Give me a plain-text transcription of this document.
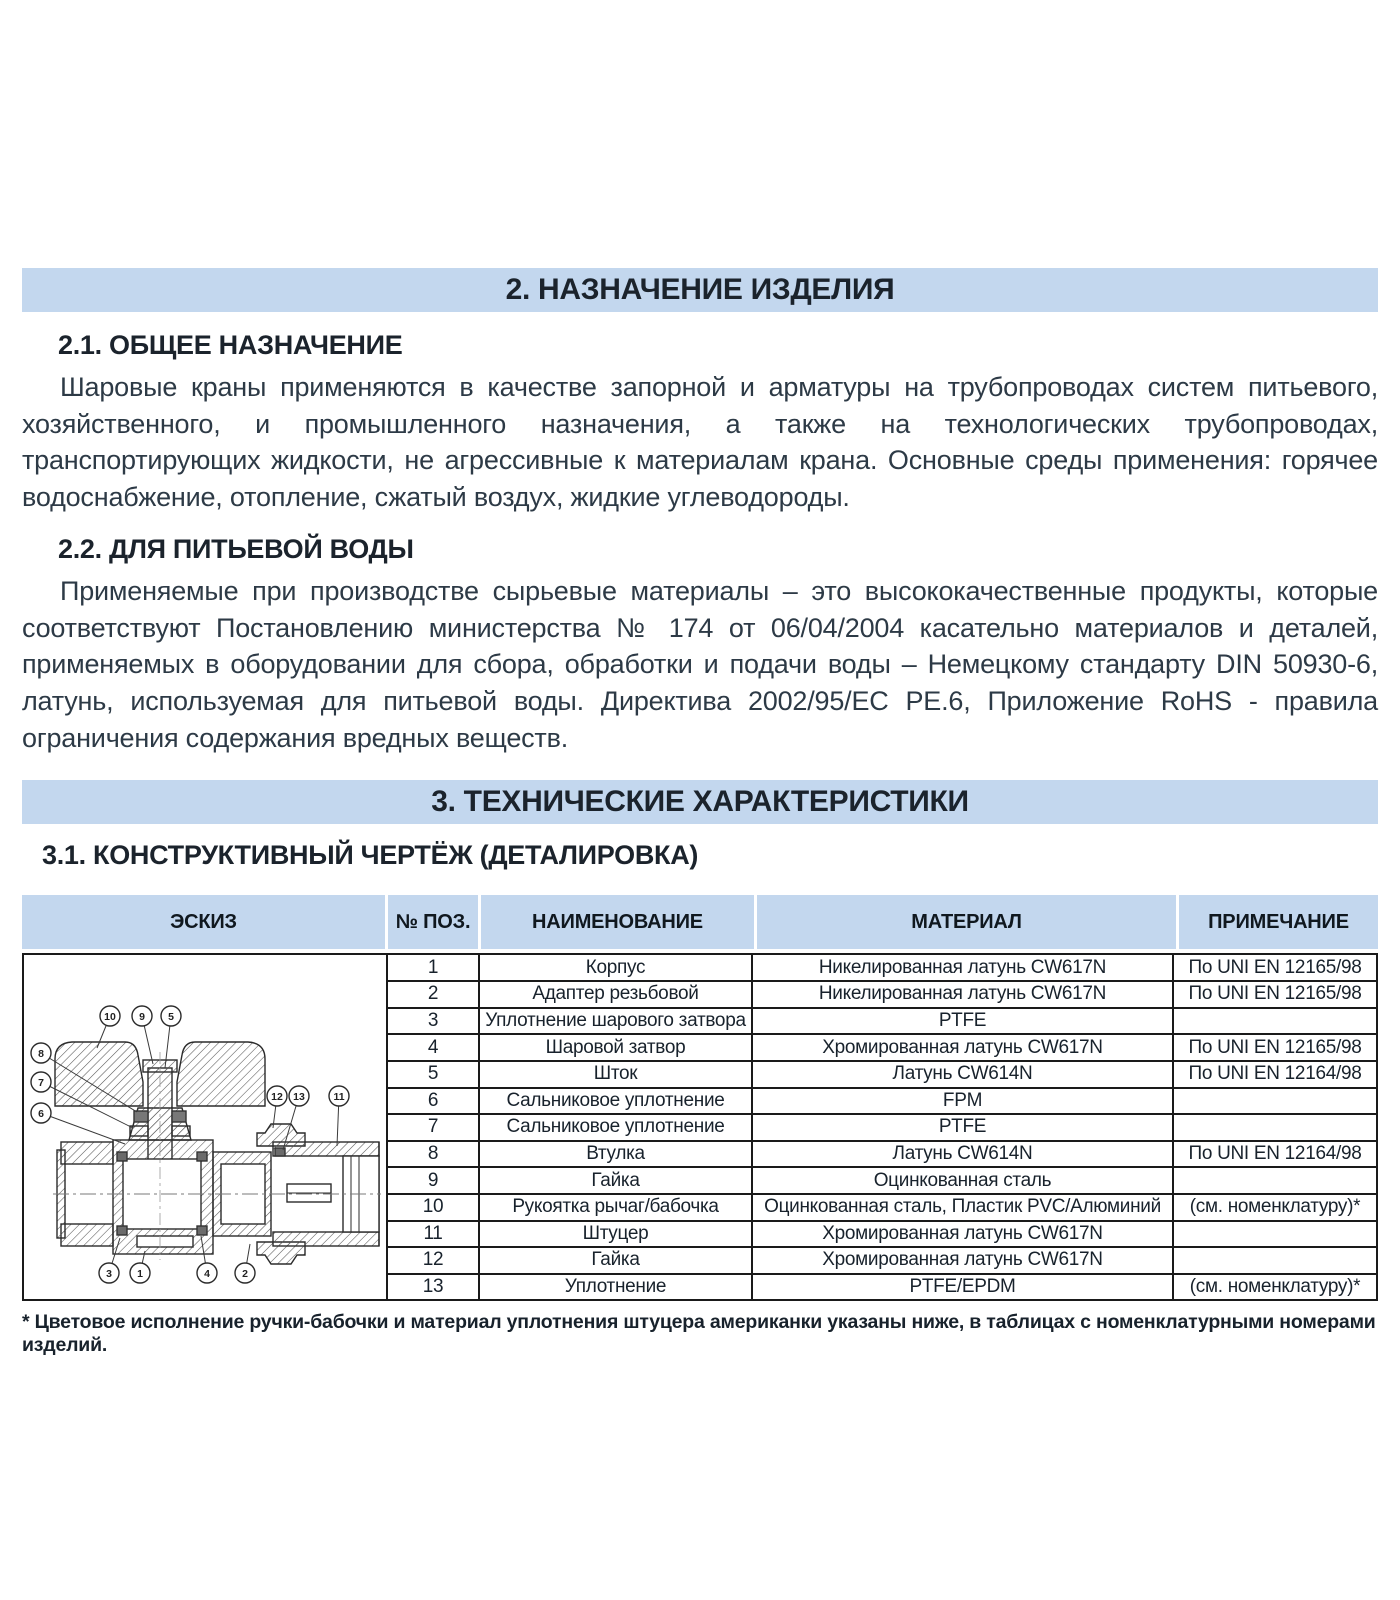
2. НАЗНАЧЕНИЕ ИЗДЕЛИЯ
2.1. ОБЩЕЕ НАЗНАЧЕНИЕ

Шаровые краны применяются в качестве запорной и арматуры на трубопроводах систем питьевого, хозяйственного, и промышленного назначения, а также на технологических трубопроводах, транспортирующих жидкости, не агрессивные к материалам крана. Основные среды применения: горячее водоснабжение, отопление, сжатый воздух, жидкие углеводороды.

2.2. ДЛЯ ПИТЬЕВОЙ ВОДЫ

Применяемые при производстве сырьевые материалы – это высококачественные продукты, которые соответствуют Постановлению министерства № 174 от 06/04/2004 касательно материалов и деталей, применяемых в оборудовании для сбора, обработки и подачи воды – Немецкому стандарту DIN 50930-6, латунь, используемая для питьевой воды. Директива 2002/95/EC PE.6, Приложение RoHS - правила ограничения содержания вредных веществ.

3. ТЕХНИЧЕСКИЕ ХАРАКТЕРИСТИКИ
3.1. КОНСТРУКТИВНЫЙ ЧЕРТЁЖ (ДЕТАЛИРОВКА)
ЭСКИЗ	№ ПОЗ.	НАИМЕНОВАНИЕ	МАТЕРИАЛ	ПРИМЕЧАНИЕ
10 9 5
8
7
6
12 13	11
3 1	4	2
1	Корпус	Никелированная латунь CW617N	По UNI EN 12165/98
2	Адаптер резьбовой	Никелированная латунь CW617N	По UNI EN 12165/98
3	Уплотнение шарового затвора	PTFE
4	Шаровой затвор	Хромированная латунь CW617N	По UNI EN 12165/98
5	Шток	Латунь CW614N	По UNI EN 12164/98
6	Сальниковое уплотнение	FPM
7	Сальниковое уплотнение	PTFE
8	Втулка	Латунь CW614N	По UNI EN 12164/98
9	Гайка	Оцинкованная сталь
10	Рукоятка рычаг/бабочка	Оцинкованная сталь, Пластик PVC/Алюминий	(см. номенклатуру)*
11	Штуцер	Хромированная латунь CW617N
12	Гайка	Хромированная латунь CW617N
13	Уплотнение	PTFE/EPDM	(см. номенклатуру)*

* Цветовое исполнение ручки-бабочки и материал уплотнения штуцера американки указаны ниже, в таблицах с номенклатурными номерами изделий.
